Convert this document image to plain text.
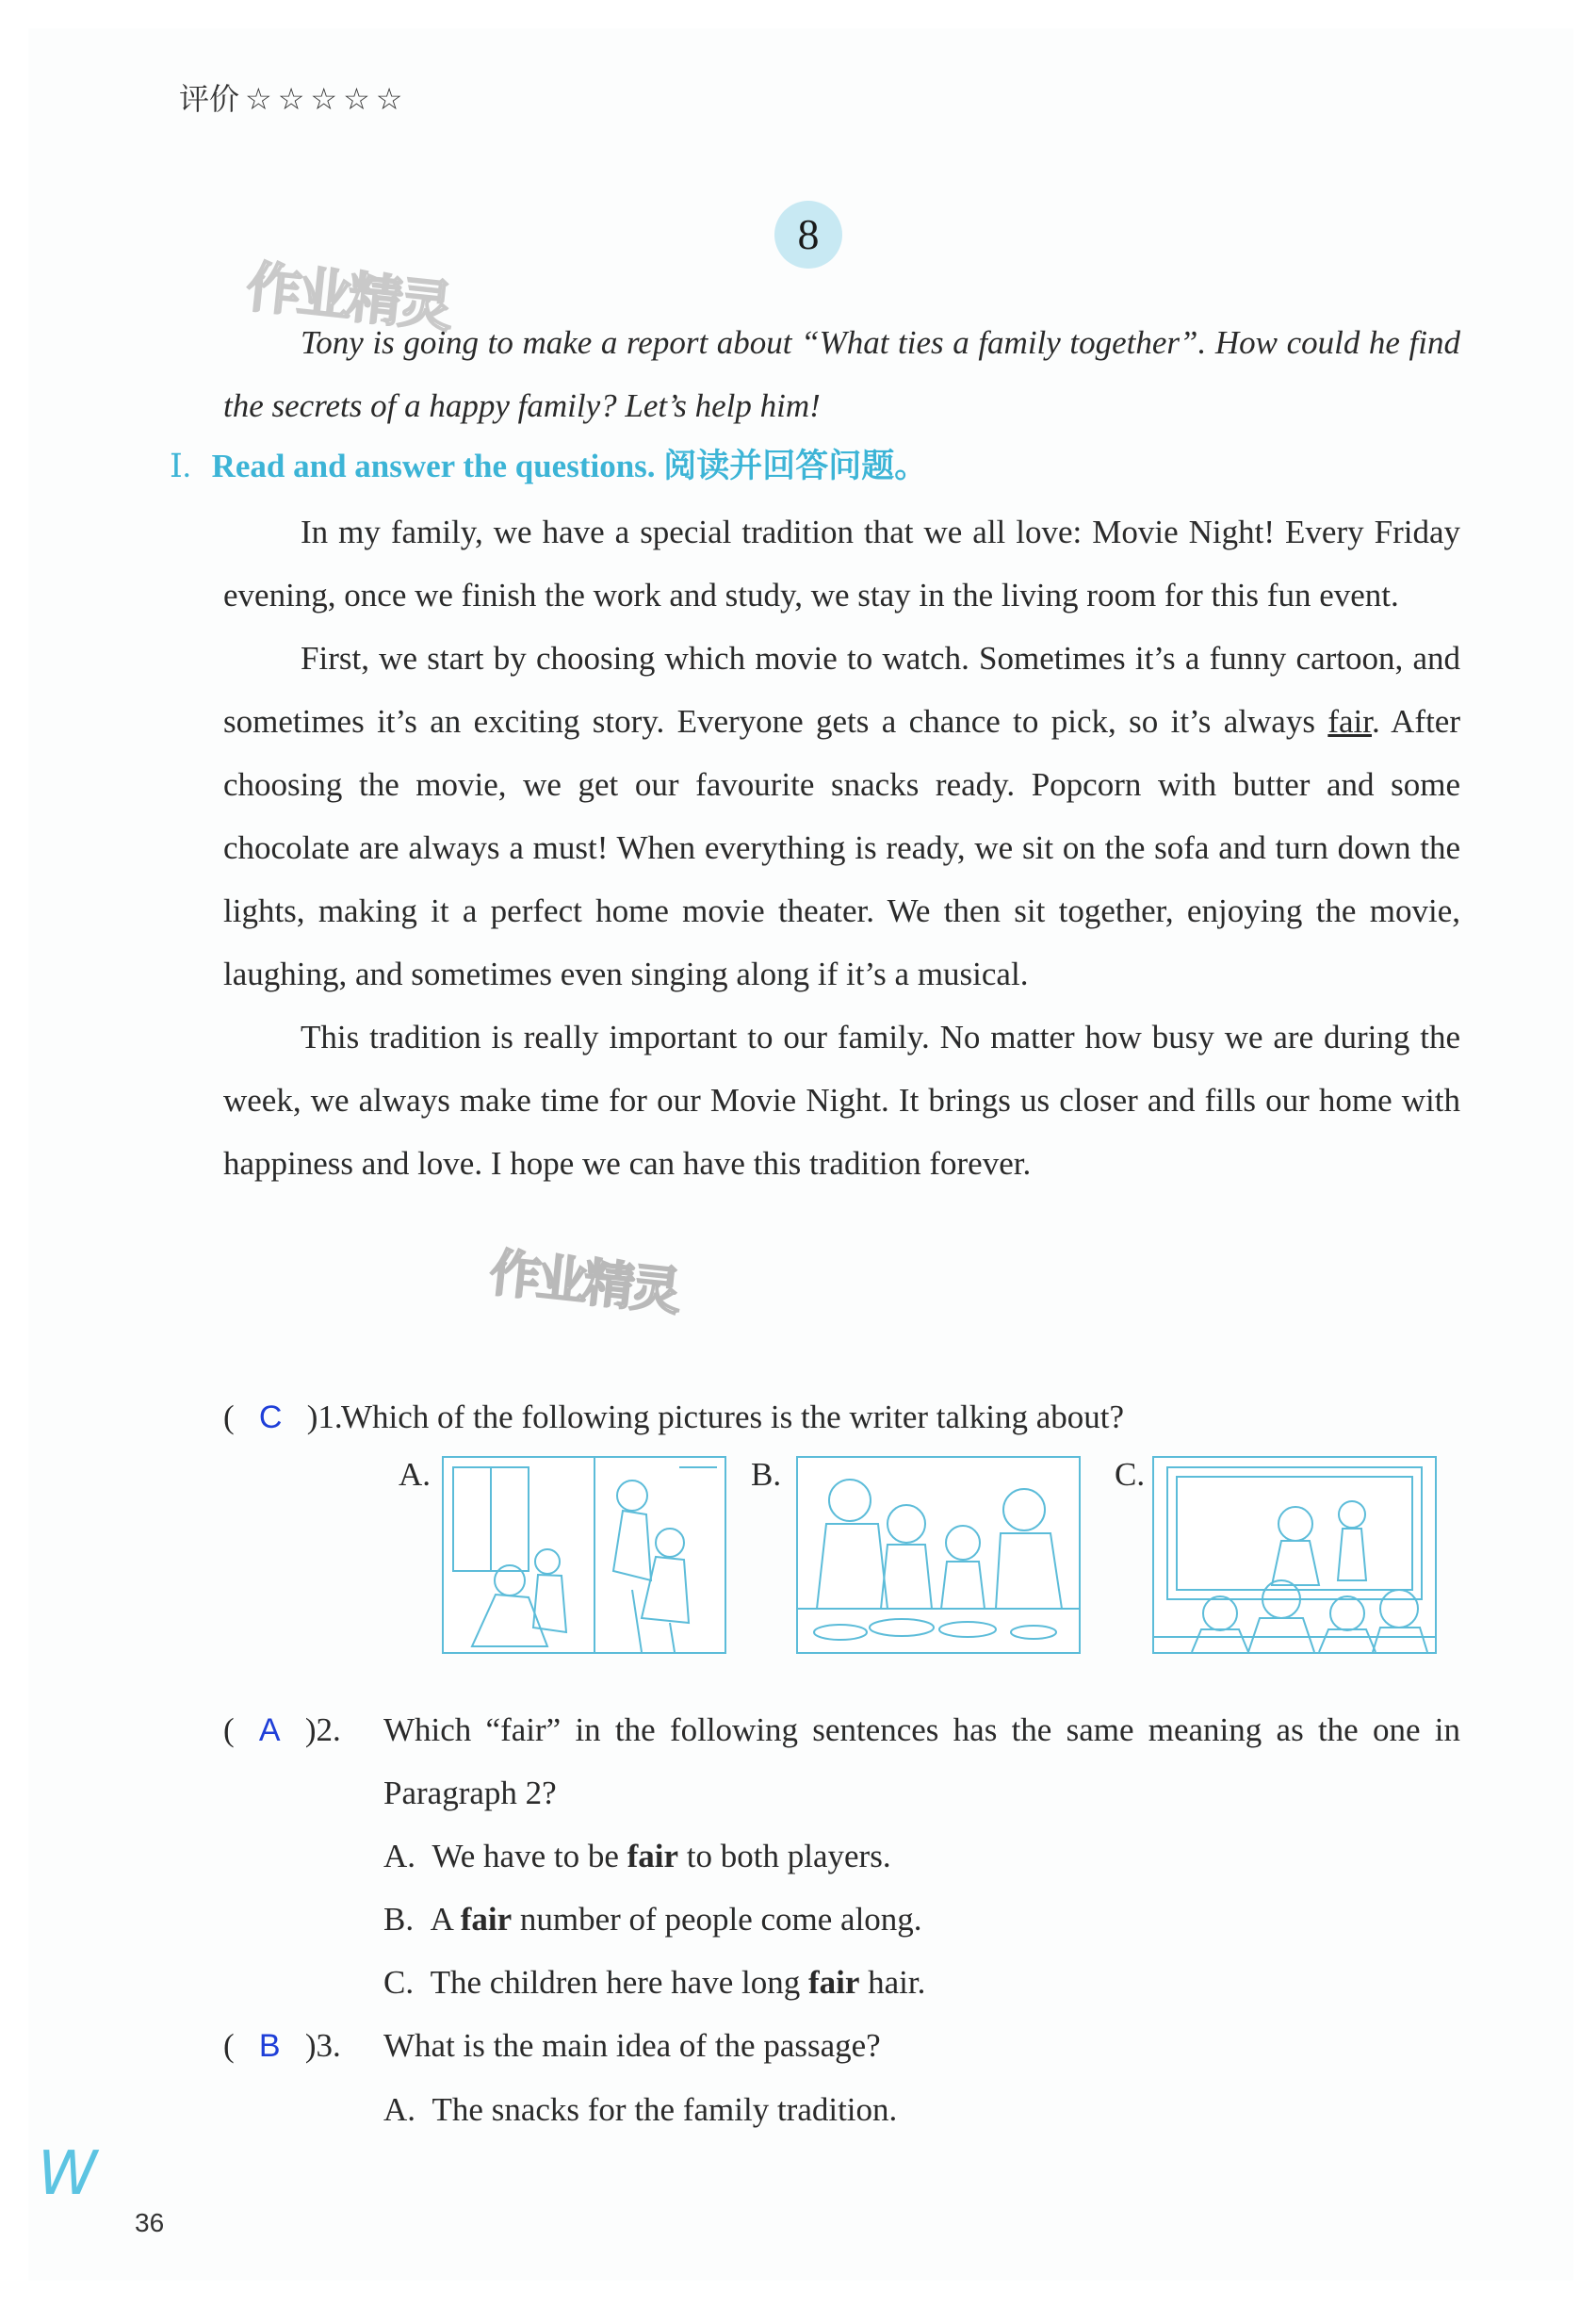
评价 ☆☆☆☆☆
8
作业精灵
Tony is going to make a report about “What ties a family together”. How could he find the secrets of a happy family? Let’s help him!
Ⅰ. Read and answer the questions. 阅读并回答问题。

In my family, we have a special tradition that we all love: Movie Night! Every Friday evening, once we finish the work and study, we stay in the living room for this fun event.

First, we start by choosing which movie to watch. Sometimes it’s a funny cartoon, and sometimes it’s an exciting story. Everyone gets a chance to pick, so it’s always fair. After choosing the movie, we get our favourite snacks ready. Popcorn with butter and some chocolate are always a must! When everything is ready, we sit on the sofa and turn down the lights, making it a perfect home movie theater. We then sit together, enjoying the movie, laughing, and sometimes even singing along if it’s a musical.

This tradition is really important to our family. No matter how busy we are during the week, we always make time for our Movie Night. It brings us closer and fills our home with happiness and love. I hope we can have this tradition forever.

作业精灵
(   C   )1.Which of the following pictures is the writer talking about?
A.	B.	C.
(   A   )2. Which “fair” in the following sentences has the same meaning as the one in Paragraph 2?
A. We have to be fair to both players.
B. A fair number of people come along.
C. The children here have long fair hair.
(   B   )3. What is the main idea of the passage?
A. The snacks for the family tradition.
W
36
